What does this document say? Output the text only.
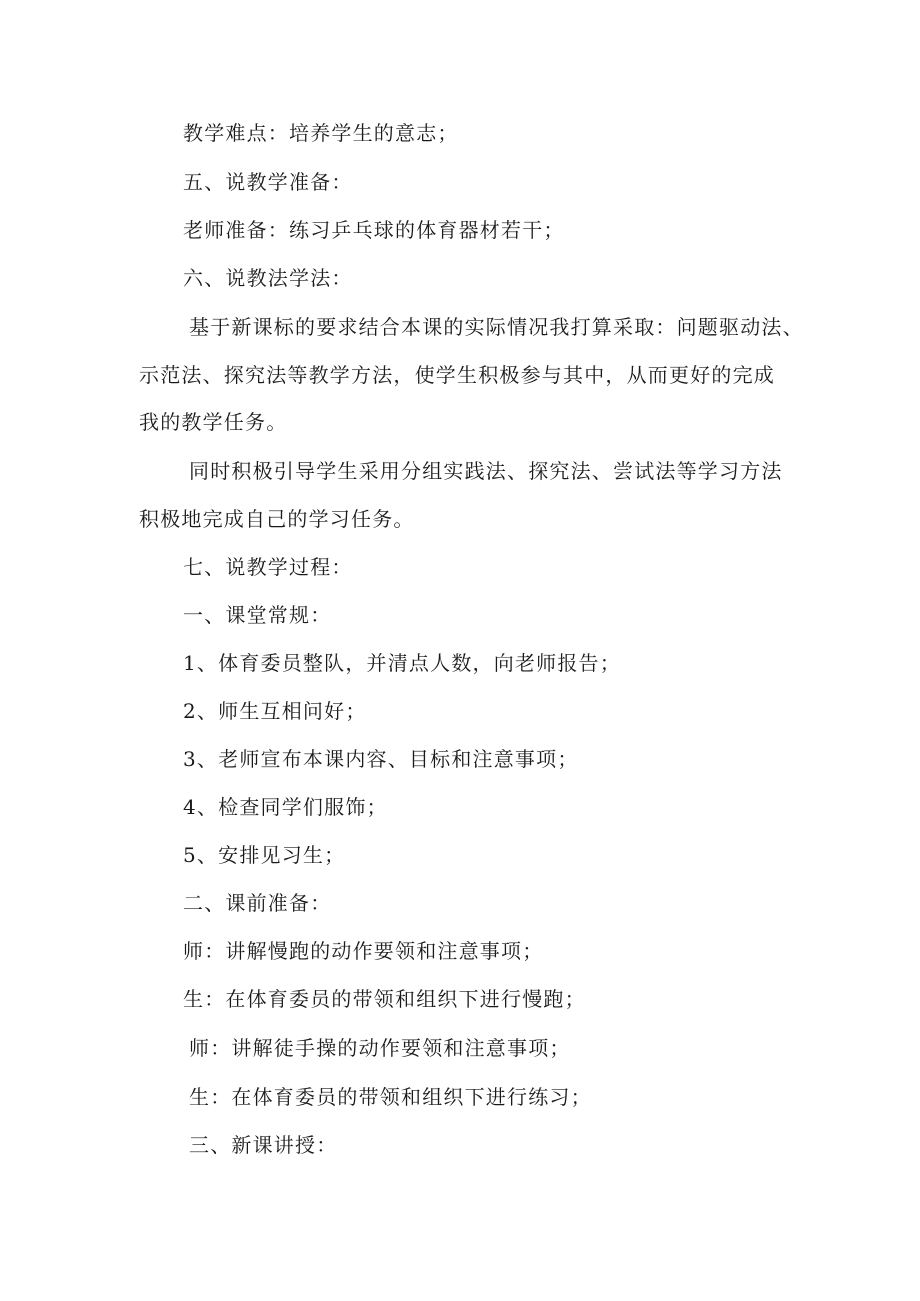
教学难点：培养学生的意志；
五、说教学准备：
老师准备：练习乒乓球的体育器材若干；
六、说教法学法：
基于新课标的要求结合本课的实际情况我打算采取：问题驱动法、
示范法、探究法等教学方法，使学生积极参与其中，从而更好的完成
我的教学任务。
同时积极引导学生采用分组实践法、探究法、尝试法等学习方法
积极地完成自己的学习任务。
七、说教学过程：
一、课堂常规：
1、体育委员整队，并清点人数，向老师报告；
2、师生互相问好；
3、老师宣布本课内容、目标和注意事项；
4、检查同学们服饰；
5、安排见习生；
二、课前准备：
师：讲解慢跑的动作要领和注意事项；
生：在体育委员的带领和组织下进行慢跑；
师：讲解徒手操的动作要领和注意事项；
生：在体育委员的带领和组织下进行练习；
三、新课讲授：
